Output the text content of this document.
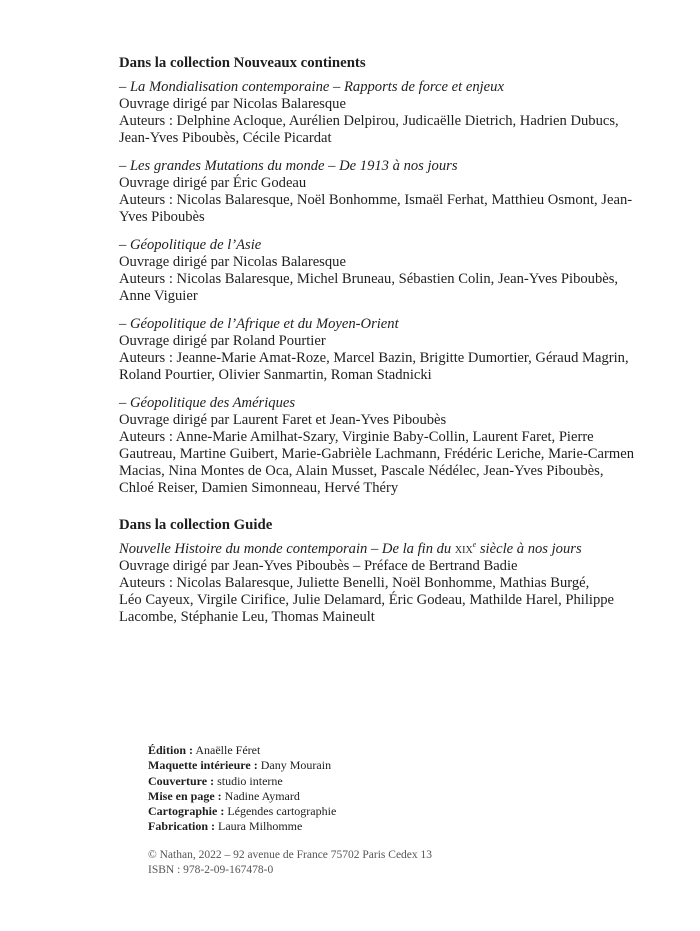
Dans la collection Nouveaux continents
– La Mondialisation contemporaine – Rapports de force et enjeux
Ouvrage dirigé par Nicolas Balaresque
Auteurs : Delphine Acloque, Aurélien Delpirou, Judicaëlle Dietrich, Hadrien Dubucs,
Jean-Yves Piboubès, Cécile Picardat
– Les grandes Mutations du monde – De 1913 à nos jours
Ouvrage dirigé par Éric Godeau
Auteurs : Nicolas Balaresque, Noël Bonhomme, Ismaël Ferhat, Matthieu Osmont, Jean-
Yves Piboubès
– Géopolitique de l’Asie
Ouvrage dirigé par Nicolas Balaresque
Auteurs : Nicolas Balaresque, Michel Bruneau, Sébastien Colin, Jean-Yves Piboubès,
Anne Viguier
– Géopolitique de l’Afrique et du Moyen-Orient
Ouvrage dirigé par Roland Pourtier
Auteurs : Jeanne-Marie Amat-Roze, Marcel Bazin, Brigitte Dumortier, Géraud Magrin,
Roland Pourtier, Olivier Sanmartin, Roman Stadnicki
– Géopolitique des Amériques
Ouvrage dirigé par Laurent Faret et Jean-Yves Piboubès
Auteurs : Anne-Marie Amilhat-Szary, Virginie Baby-Collin, Laurent Faret, Pierre
Gautreau, Martine Guibert, Marie-Gabrièle Lachmann, Frédéric Leriche, Marie-Carmen
Macias, Nina Montes de Oca, Alain Musset, Pascale Nédélec, Jean-Yves Piboubès,
Chloé Reiser, Damien Simonneau, Hervé Théry
Dans la collection Guide
Nouvelle Histoire du monde contemporain – De la fin du xix$^e$ siècle à nos jours
Ouvrage dirigé par Jean-Yves Piboubès – Préface de Bertrand Badie
Auteurs : Nicolas Balaresque, Juliette Benelli, Noël Bonhomme, Mathias Burgé,
Léo Cayeux, Virgile Cirifice, Julie Delamard, Éric Godeau, Mathilde Harel, Philippe
Lacombe, Stéphanie Leu, Thomas Maineult
Édition : Anaëlle Féret
Maquette intérieure : Dany Mourain
Couverture : studio interne
Mise en page : Nadine Aymard
Cartographie : Légendes cartographie
Fabrication : Laura Milhomme
© Nathan, 2022 – 92 avenue de France 75702 Paris Cedex 13
ISBN : 978-2-09-167478-0
